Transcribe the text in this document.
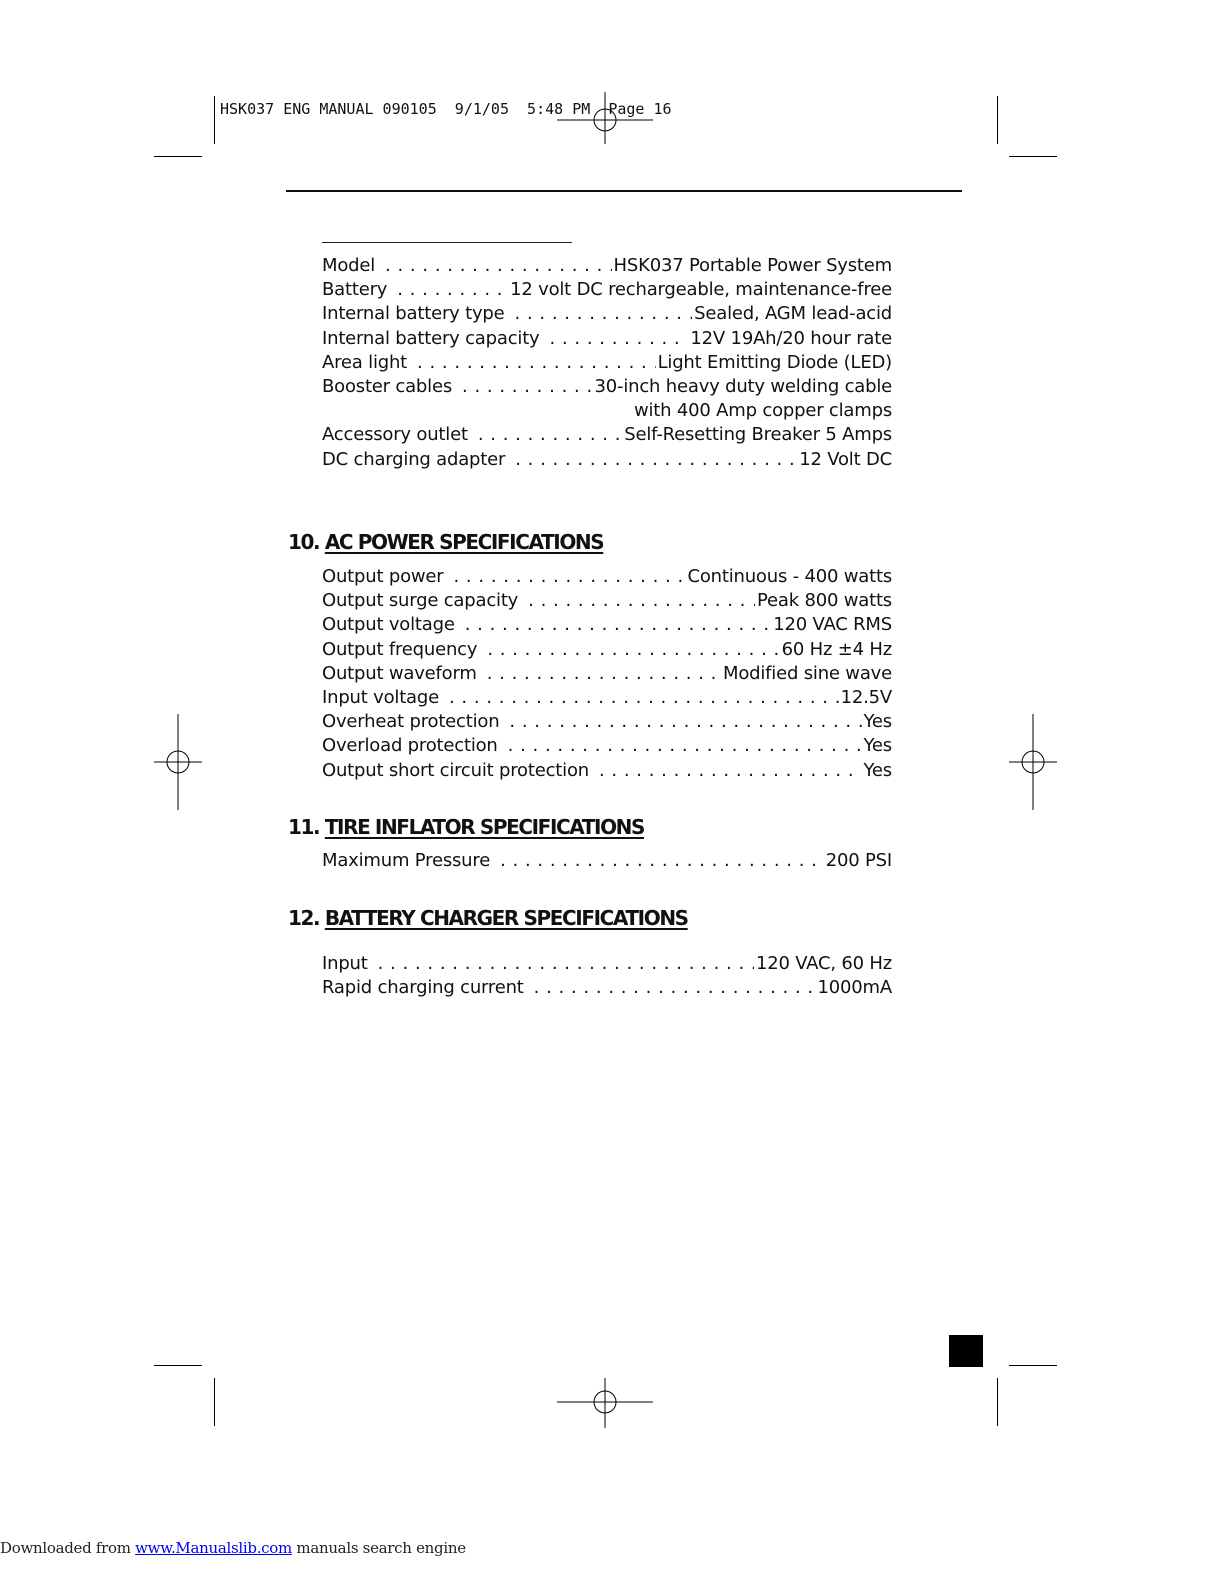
HSK037 ENG MANUAL 090105  9/1/05  5:48 PM  Page 16
Model . . .	HSK037 Portable Power System
Battery . . .	12 volt DC rechargeable, maintenance-free
Internal battery type . . .	Sealed, AGM lead-acid
Internal battery capacity . . .	12V 19Ah/20 hour rate
Area light . . .	Light Emitting Diode (LED)
Booster cables . . .	30-inch heavy duty welding cable
with 400 Amp copper clamps
Accessory outlet . . .	Self-Resetting Breaker 5 Amps
DC charging adapter . . .	12 Volt DC
10. AC POWER SPECIFICATIONS
Output power . . .	Continuous - 400 watts
Output surge capacity . . .	Peak 800 watts
Output voltage . . .	120 VAC RMS
Output frequency . . .	60 Hz ±4 Hz
Output waveform . . .	Modified sine wave
Input voltage . . .	12.5V
Overheat protection . . .	Yes
Overload protection . . .	Yes
Output short circuit protection . . .	Yes
11. TIRE INFLATOR SPECIFICATIONS
Maximum Pressure . . .	200 PSI
12. BATTERY CHARGER SPECIFICATIONS
Input . . .	120 VAC, 60 Hz
Rapid charging current . . .	1000mA
Downloaded from www.Manualslib.com manuals search engine
